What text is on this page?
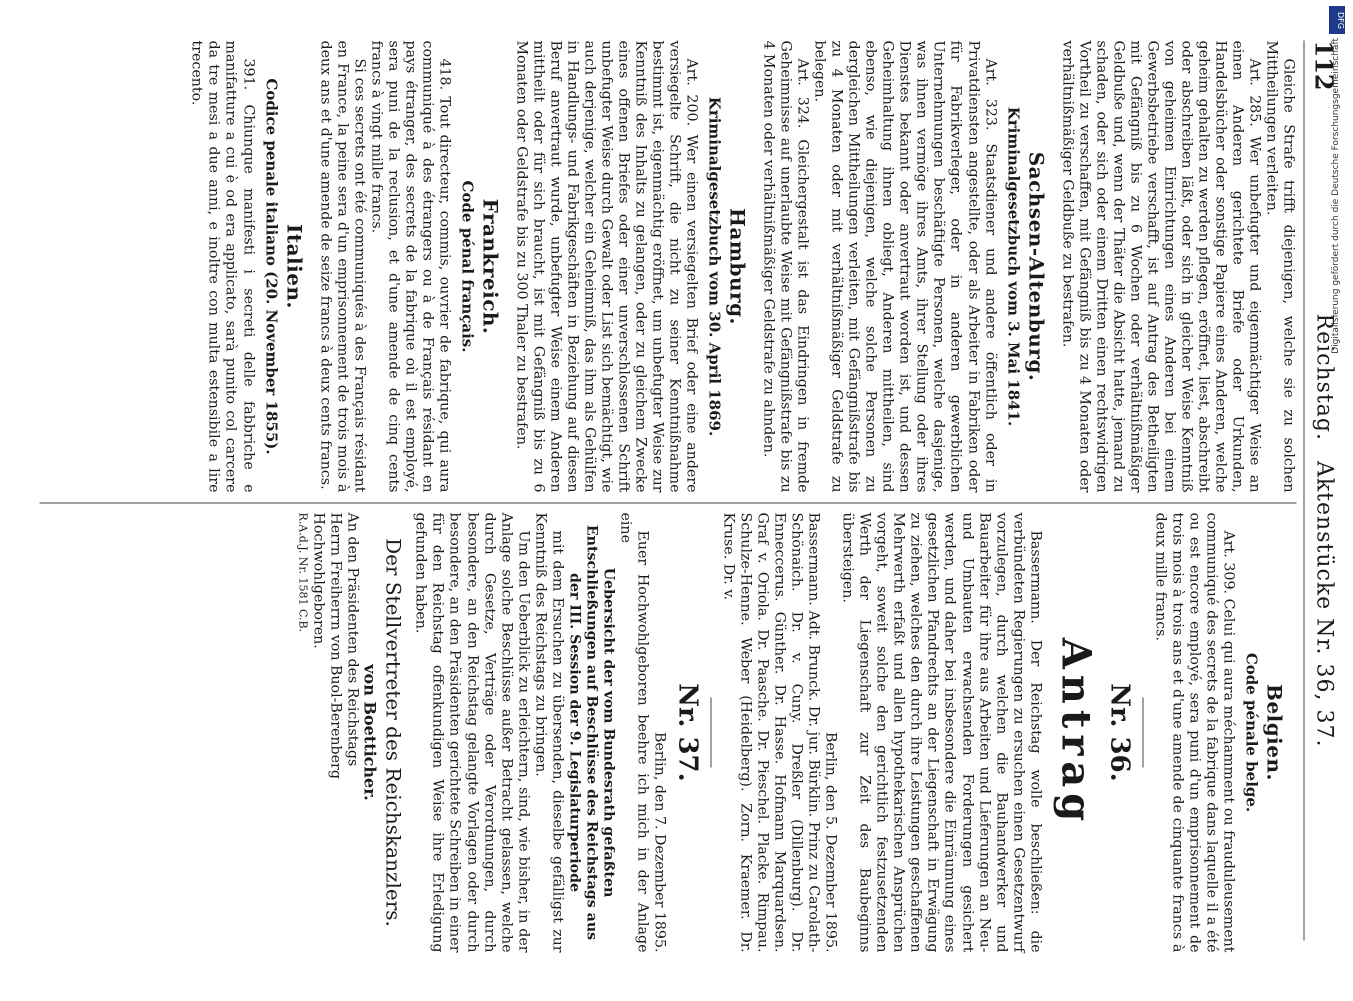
112
Reichstag. Aktenstücke Nr. 36, 37.

Gleiche Strafe trifft diejenigen, welche sie zu solchen Mittheilungen verleiten.

Art. 285. Wer unbefugter und eigenmächtiger Weise an einen Anderen gerichtete Briefe oder Urkunden, Handelsbücher oder sonstige Papiere eines Anderen, welche geheim gehalten zu werden pflegen, eröffnet, liest, abschreibt oder abschreiben läßt, oder sich in gleicher Weise Kenntniß von geheimen Einrichtungen eines Anderen bei einem Gewerbsbetriebe verschafft, ist auf Antrag des Betheiligten mit Gefängniß bis zu 6 Wochen oder verhältnißmäßiger Geldbuße und, wenn der Thäter die Absicht hatte, jemand zu schaden, oder sich oder einem Dritten einen rechtswidrigen Vortheil zu verschaffen, mit Gefängniß bis zu 4 Monaten oder verhältnißmäßiger Geldbuße zu bestrafen.

Sachsen-Altenburg.
Kriminalgesetzbuch vom 3. Mai 1841.

Art. 323. Staatsdiener und andere öffentlich oder in Privatdiensten angestellte, oder als Arbeiter in Fabriken oder für Fabrikverleger, oder in anderen gewerblichen Unternehmungen beschäftigte Personen, welche dasjenige, was ihnen vermöge ihres Amts, ihrer Stellung oder ihres Dienstes bekannt oder anvertraut worden ist, und dessen Geheimhaltung ihnen obliegt, Anderen mittheilen, sind ebenso, wie diejenigen, welche solche Personen zu dergleichen Mittheilungen verleiten, mit Gefängnißstrafe bis zu 4 Monaten oder mit verhältnißmäßiger Geldstrafe zu belegen.

Art. 324. Gleichergestalt ist das Eindringen in fremde Geheimnisse auf unerlaubte Weise mit Gefängnißstrafe bis zu 4 Monaten oder verhältnißmäßiger Geldstrafe zu ahnden.

Hamburg.
Kriminalgesetzbuch vom 30. April 1869.

Art. 200. Wer einen versiegelten Brief oder eine andere versiegelte Schrift, die nicht zu seiner Kenntnißnahme bestimmt ist, eigenmächtig eröffnet, um unbefugter Weise zur Kenntniß des Inhalts zu gelangen, oder zu gleichem Zwecke eines offenen Briefes oder einer unverschlossenen Schrift unbefugter Weise durch Gewalt oder List sich bemächtigt, wie auch derjenige, welcher ein Geheimniß, das ihm als Gehülfen in Handlungs- und Fabrikgeschäften in Beziehung auf diesen Beruf anvertraut wurde, unbefugter Weise einem Anderen mittheilt oder für sich braucht, ist mit Gefängniß bis zu 6 Monaten oder Geldstrafe bis zu 300 Thaler zu bestrafen.

Frankreich.
Code pénal français.

418. Tout directeur, commis, ouvrier de fabrique, qui aura communiqué à des étrangers ou à de Français résidant en pays étranger, des secrets de la fabrique où il est employé, sera puni de la reclusion, et d'une amende de cinq cents francs à vingt mille francs.

Si ces secrets ont été communiqués à des Français résidant en France, la peine sera d'un emprisonnement de trois mois à deux ans et d'une amende de seize francs à deux cents francs.

Italien.
Codice penale italiano (20. November 1855).

391. Chiunque manifesti i secreti delle fabbriche e manifatture a cui è od era applicato, sarà punito col carcere da tre mesi a due anni, e inoltre con multa estensibile a lire trecento.

Belgien.
Code pénale belge.

Art. 309. Celui qui aura méchamment ou frauduleusement communiqué des secrets de la fabrique dans laquelle il a été ou est encore employé, sera puni d'un emprisonnement de trois mois à trois ans et d'une amende de cinquante francs à deux mille francs.

Nr. 36.
Antrag

Bassermann. Der Reichstag wolle beschließen: die verbündeten Regierungen zu ersuchen einen Gesetzentwurf vorzulegen, durch welchen die Bauhandwerker und Bauarbeiter für ihre aus Arbeiten und Lieferungen an Neu- und Umbauten erwachsenden Forderungen gesichert werden, und daher bei insbesondere die Einräumung eines gesetzlichen Pfandrechts an der Liegenschaft in Erwägung zu ziehen, welches den durch ihre Leistungen geschaffenen Mehrwerth erfaßt und allen hypothekarischen Ansprüchen vorgeht, soweit solche den gerichtlich festzusetzenden Werth der Liegenschaft zur Zeit des Baubeginns übersteigen.

Berlin, den 5. Dezember 1895.

Bassermann. Adt. Brunck. Dr. jur. Bürklin. Prinz zu Carolath-Schönaich. Dr. v. Cuny. Dreßler (Dillenburg). Dr. Enneccerus. Günther. Dr. Hasse. Hofmann Marquardsen. Graf v. Oriola. Dr. Paasche. Dr. Pieschel. Placke. Rimpau. Schulze-Henne. Weber (Heidelberg). Zorn. Kraemer. Dr. Kruse. Dr. v.

Nr. 37.

Berlin, den 7. Dezember 1895.

Euer Hochwohlgeboren beehre ich mich in der Anlage eine

Uebersicht der vom Bundesrath gefaßten Entschließungen auf Beschlüsse des Reichstags aus der III. Session der 9. Legislaturperiode

mit dem Ersuchen zu übersenden, dieselbe gefälligst zur Kenntniß des Reichstags zu bringen.

Um den Ueberblick zu erleichtern, sind, wie bisher, in der Anlage solche Beschlüsse außer Betracht gelassen, welche durch Gesetze, Verträge oder Verordnungen, durch besondere, an den Reichstag gelangte Vorlagen oder durch besondere, an den Präsidenten gerichtete Schreiben in einer für den Reichstag offenkundigen Weise ihre Erledigung gefunden haben.

Der Stellvertreter des Reichskanzlers.
von Boetticher.

An den Präsidenten des Reichstags

Herrn Freiherrn von Buol-Berenberg

Hochwohlgeboren.

R.A.d.J. Nr. 1581 C.B.

DFG
Digitalisierung gefördert durch die Deutsche Forschungsgemeinschaft
